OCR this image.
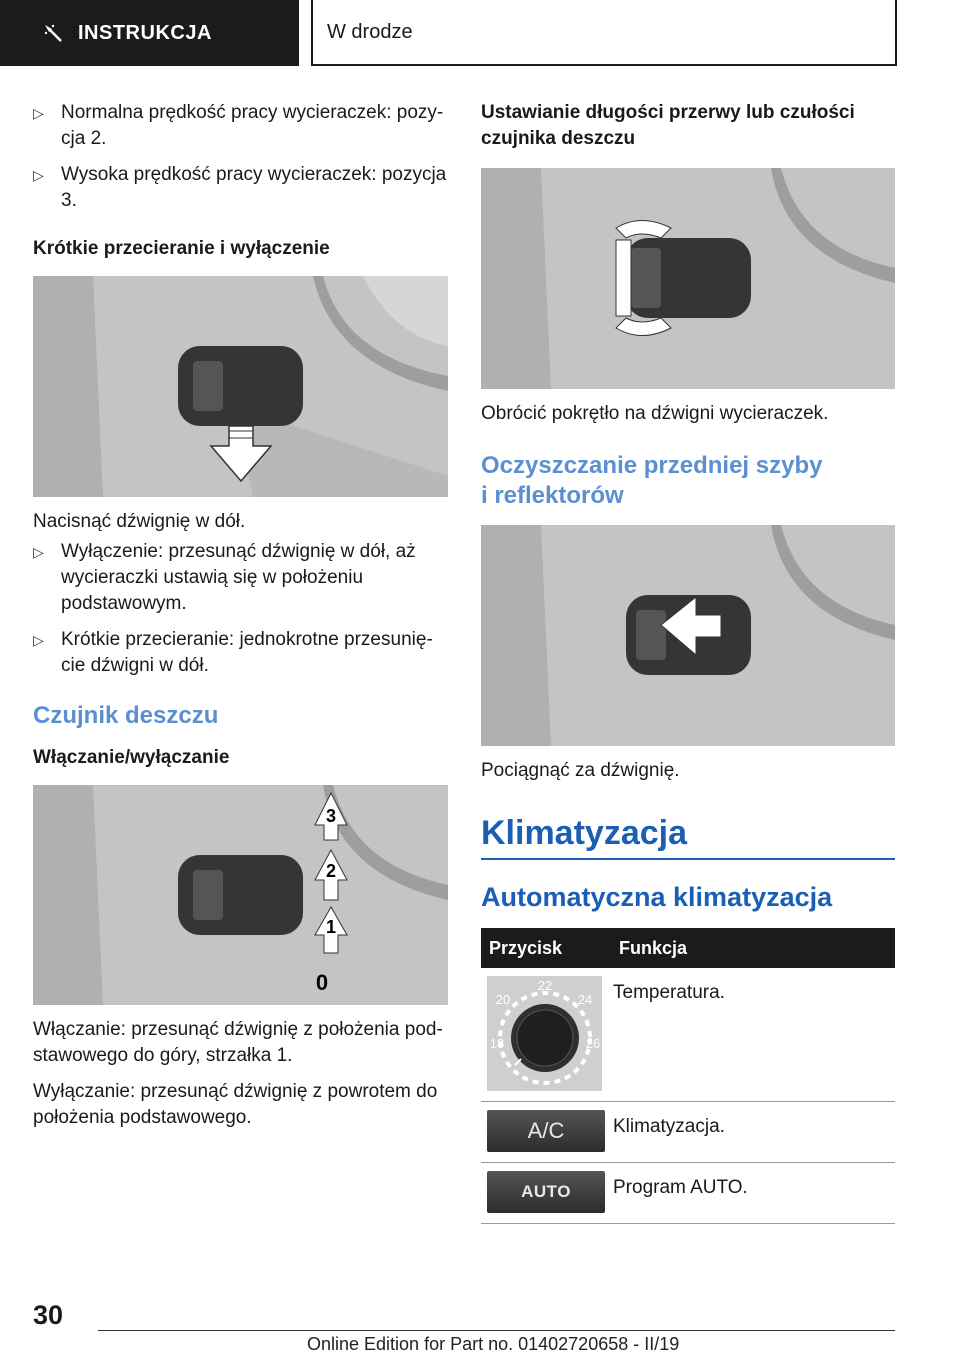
INSTRUKCJA	W drodze
▷ Normalna prędkość pracy wycieraczek: pozycja 2.
▷ Wysoka prędkość pracy wycieraczek: pozycja 3.
Krótkie przecieranie i wyłączenie

Nacisnąć dźwignię w dół.

▷ Wyłączenie: przesunąć dźwignię w dół, aż wycieraczki ustawią się w położeniu podstawowym.
▷ Krótkie przecieranie: jednokrotne przesunięcie dźwigni w dół.
Czujnik deszczu
Włączanie/wyłączanie
3
2
1
0

Włączanie: przesunąć dźwignię z położenia podstawowego do góry, strzałka 1.

Wyłączanie: przesunąć dźwignię z powrotem do położenia podstawowego.

Ustawianie długości przerwy lub czułości czujnika deszczu

Obrócić pokrętło na dźwigni wycieraczek.

Oczyszczanie przedniej szyby
i reflektorów

Pociągnąć za dźwignię.

Klimatyzacja
Automatyczna klimatyzacja
Przycisk	Funkcja

22
20 24
18 26	Temperatura.

A/C	Klimatyzacja.

AUTO	Program AUTO.
30
Online Edition for Part no. 01402720658 - II/19
